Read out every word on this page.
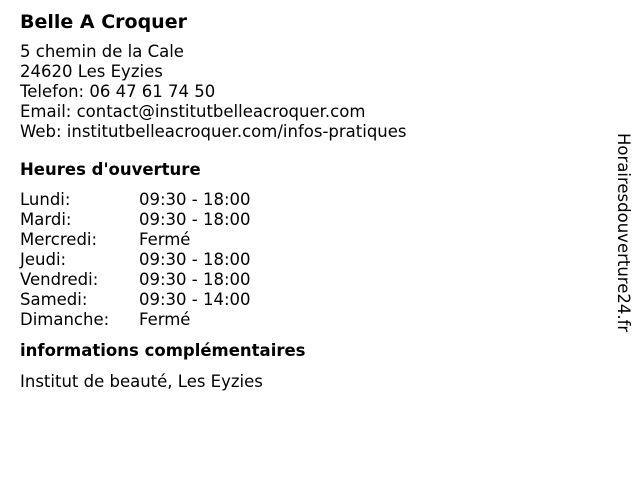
Belle A Croquer
5 chemin de la Cale
24620 Les Eyzies
Telefon: 06 47 61 74 50
Email: contact@institutbelleacroquer.com
Web: institutbelleacroquer.com/infos-pratiques
Heures d'ouverture
Lundi:	09:30 - 18:00
Mardi:	09:30 - 18:00
Mercredi:	Fermé
Jeudi:	09:30 - 18:00
Vendredi:	09:30 - 18:00
Samedi:	09:30 - 14:00
Dimanche:	Fermé
informations complémentaires
Institut de beauté, Les Eyzies
Horairesdouverture24.fr
